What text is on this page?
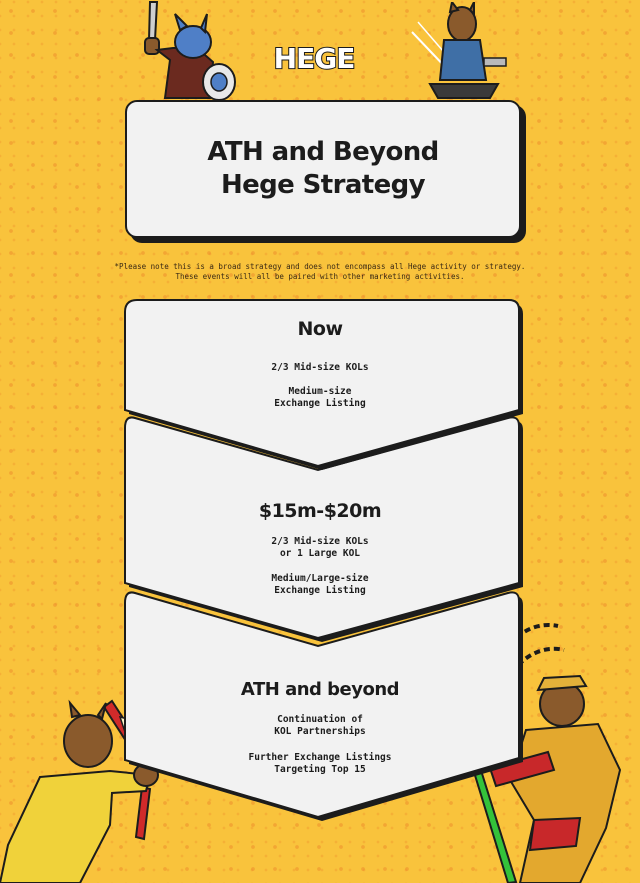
HEGE
ATH and Beyond
Hege Strategy
*Please note this is a broad strategy and does not encompass all Hege activity or strategy.
These events will all be paired with other marketing activities.
Now
2/3 Mid-size KOLs
Medium-size
Exchange Listing
$15m-$20m
2/3 Mid-size KOLs
or 1 Large KOL
Medium/Large-size
Exchange Listing
ATH and beyond
Continuation of
KOL Partnerships
Further Exchange Listings
Targeting Top 15
